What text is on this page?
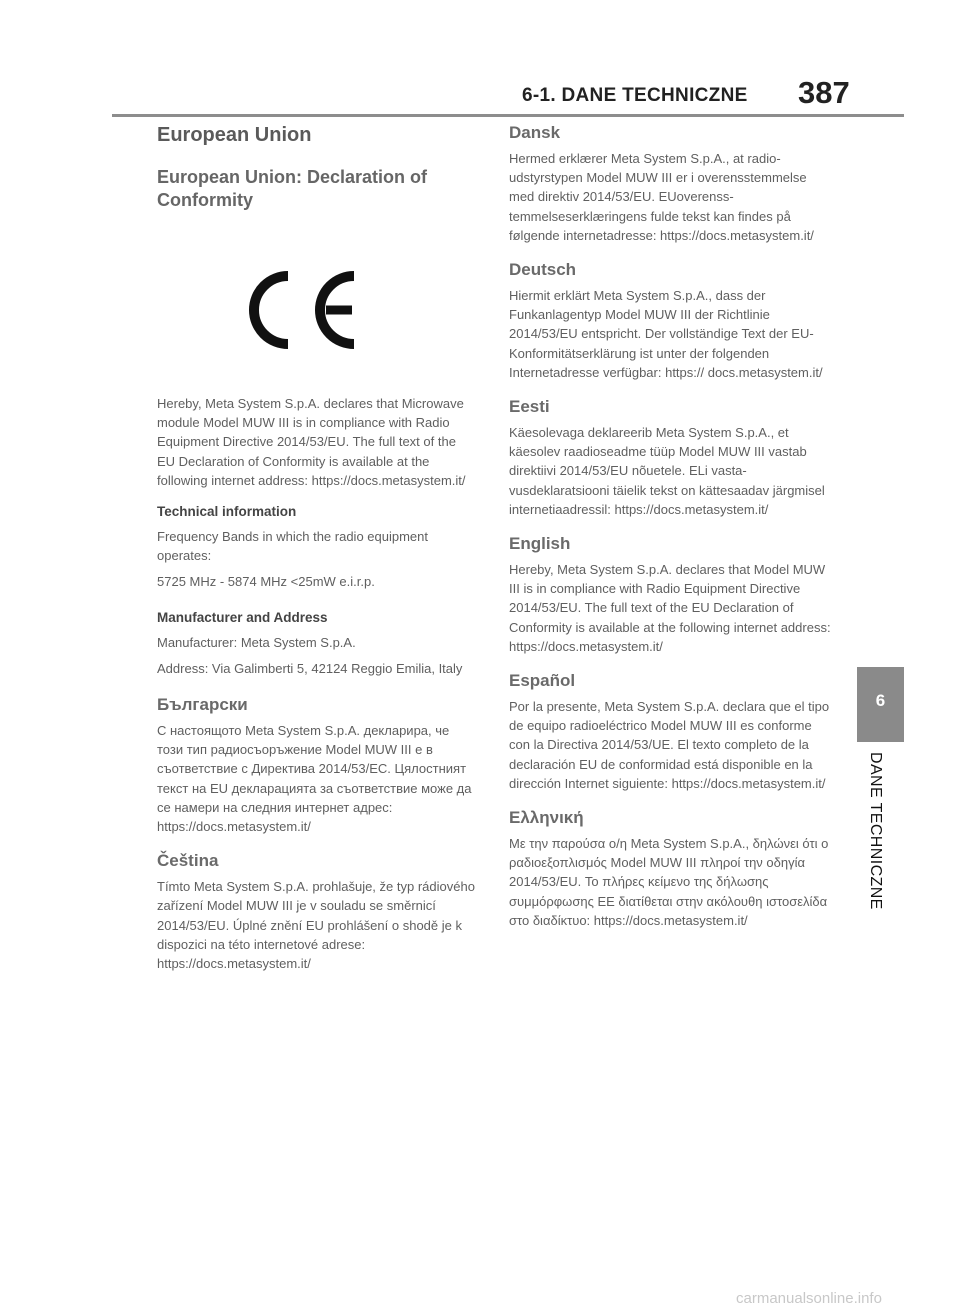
6-1. DANE TECHNICZNE 387
European Union
European Union: Declaration of Conformity

Hereby, Meta System S.p.A. declares that Microwave module Model MUW III is in compliance with Radio Equipment Directive 2014/53/EU. The full text of the EU Declaration of Conformity is available at the following internet address: https://docs.metasystem.it/

Technical information

Frequency Bands in which the radio equipment operates:

5725 MHz - 5874 MHz <25mW e.i.r.p.

Manufacturer and Address

Manufacturer: Meta System S.p.A.

Address: Via Galimberti 5, 42124 Reggio Emilia, Italy

Български

С настоящото Meta System S.p.A. декларира, че този тип радиосъоръжение Model MUW III е в съответствие с Директива 2014/53/ЕС. Цялостният текст на ЕU декларацията за съответствие може да се намери на следния интернет адрес: https://docs.metasystem.it/

Čeština

Tímto Meta System S.p.A. prohlašuje, že typ rádiového zařízení Model MUW III je v souladu se směrnicí 2014/53/EU. Úplné znění EU prohlášení o shodě je k dispozici na této internetové adrese: https://docs.metasystem.it/

Dansk

Hermed erklærer Meta System S.p.A., at radioudstyrstypen Model MUW III er i overensstemmelse med direktiv 2014/53/EU. EUoverensstemmelseserklæringens fulde tekst kan findes på følgende internetadresse: https://docs.metasystem.it/

Deutsch

Hiermit erklärt Meta System S.p.A., dass der Funkanlagentyp Model MUW III der Richtlinie 2014/53/EU entspricht. Der vollständige Text der EU-Konformitätserklärung ist unter der folgenden Internetadresse verfügbar: https:// docs.metasystem.it/

Eesti

Käesolevaga deklareerib Meta System S.p.A., et käesolev raadioseadme tüüp Model MUW III vastab direktiivi 2014/53/EU nõuetele. ELi vastavusdeklaratsiooni täielik tekst on kättesaadav järgmisel internetiaadressil: https://docs.metasystem.it/

English

Hereby, Meta System S.p.A. declares that Model MUW III is in compliance with Radio Equipment Directive 2014/53/EU. The full text of the EU Declaration of Conformity is available at the following internet address: https://docs.metasystem.it/

Español

Por la presente, Meta System S.p.A. declara que el tipo de equipo radioeléctrico Model MUW III es conforme con la Directiva 2014/53/UE. El texto completo de la declaración EU de conformidad está disponible en la dirección Internet siguiente: https://docs.metasystem.it/

Ελληνική

Με την παρούσα ο/η Meta System S.p.A., δηλώνει ότι ο ραδιοεξοπλισμός Model MUW III πληροί την οδηγία 2014/53/EU. Το πλήρες κείμενο της δήλωσης συμμόρφωσης ΕΕ διατίθεται στην ακόλουθη ιστοσελίδα στο διαδίκτυο: https://docs.metasystem.it/

6
DANE TECHNICZNE
carmanualsonline.info
